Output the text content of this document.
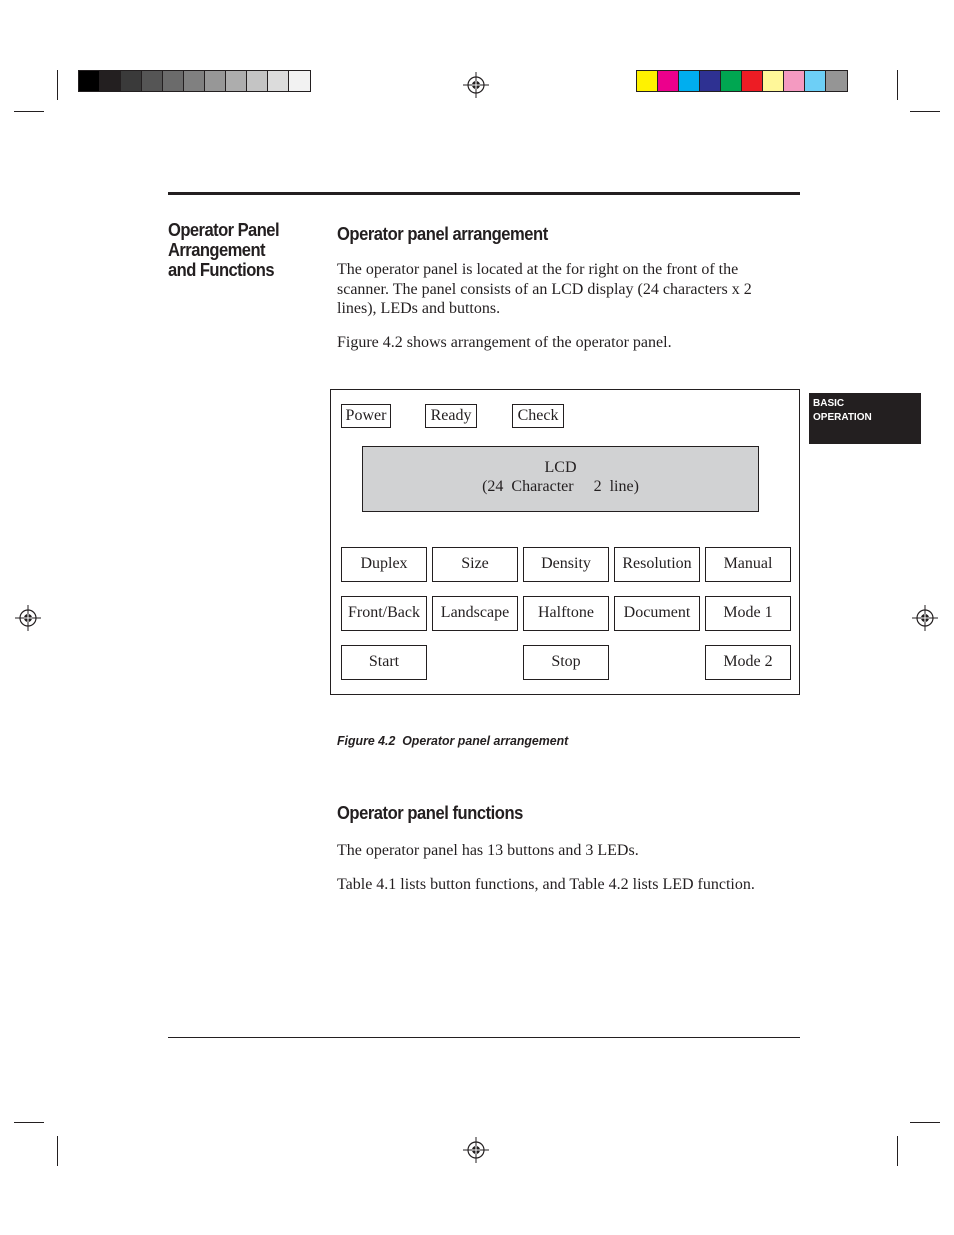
Operator Panel
Arrangement
and Functions
BASIC
OPERATION
Operator panel arrangement
The operator panel is located at the for right on the front of the scanner. The panel consists of an LCD display (24 characters x 2 lines), LEDs and buttons.
Figure 4.2 shows arrangement of the operator panel.
Power	Ready	Check
LCD
(24  Character     2  line)
Duplex	Size	Density	Resolution	Manual
Front/Back	Landscape	Halftone	Document	Mode 1
Start	Stop	Mode 2
Figure 4.2  Operator panel arrangement
Operator panel functions
The operator panel has 13 buttons and 3 LEDs.
Table 4.1 lists button functions, and Table 4.2 lists LED function.
